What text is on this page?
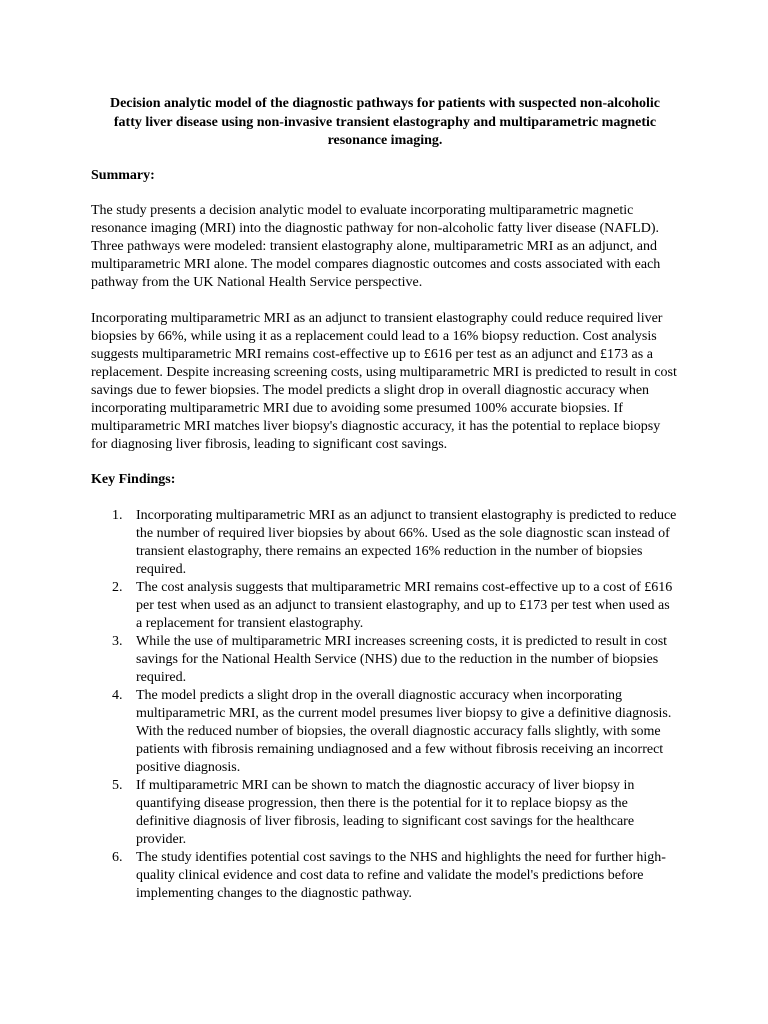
Decision analytic model of the diagnostic pathways for patients with suspected non-alcoholic fatty liver disease using non-invasive transient elastography and multiparametric magnetic resonance imaging.

Summary:

The study presents a decision analytic model to evaluate incorporating multiparametric magnetic resonance imaging (MRI) into the diagnostic pathway for non-alcoholic fatty liver disease (NAFLD). Three pathways were modeled: transient elastography alone, multiparametric MRI as an adjunct, and multiparametric MRI alone. The model compares diagnostic outcomes and costs associated with each pathway from the UK National Health Service perspective.

Incorporating multiparametric MRI as an adjunct to transient elastography could reduce required liver biopsies by 66%, while using it as a replacement could lead to a 16% biopsy reduction. Cost analysis suggests multiparametric MRI remains cost-effective up to £616 per test as an adjunct and £173 as a replacement. Despite increasing screening costs, using multiparametric MRI is predicted to result in cost savings due to fewer biopsies. The model predicts a slight drop in overall diagnostic accuracy when incorporating multiparametric MRI due to avoiding some presumed 100% accurate biopsies. If multiparametric MRI matches liver biopsy's diagnostic accuracy, it has the potential to replace biopsy for diagnosing liver fibrosis, leading to significant cost savings.

Key Findings:

1. Incorporating multiparametric MRI as an adjunct to transient elastography is predicted to reduce the number of required liver biopsies by about 66%. Used as the sole diagnostic scan instead of transient elastography, there remains an expected 16% reduction in the number of biopsies required.
2. The cost analysis suggests that multiparametric MRI remains cost-effective up to a cost of £616 per test when used as an adjunct to transient elastography, and up to £173 per test when used as a replacement for transient elastography.
3. While the use of multiparametric MRI increases screening costs, it is predicted to result in cost savings for the National Health Service (NHS) due to the reduction in the number of biopsies required.
4. The model predicts a slight drop in the overall diagnostic accuracy when incorporating multiparametric MRI, as the current model presumes liver biopsy to give a definitive diagnosis. With the reduced number of biopsies, the overall diagnostic accuracy falls slightly, with some patients with fibrosis remaining undiagnosed and a few without fibrosis receiving an incorrect positive diagnosis.
5. If multiparametric MRI can be shown to match the diagnostic accuracy of liver biopsy in quantifying disease progression, then there is the potential for it to replace biopsy as the definitive diagnosis of liver fibrosis, leading to significant cost savings for the healthcare provider.
6. The study identifies potential cost savings to the NHS and highlights the need for further high-quality clinical evidence and cost data to refine and validate the model's predictions before implementing changes to the diagnostic pathway.
